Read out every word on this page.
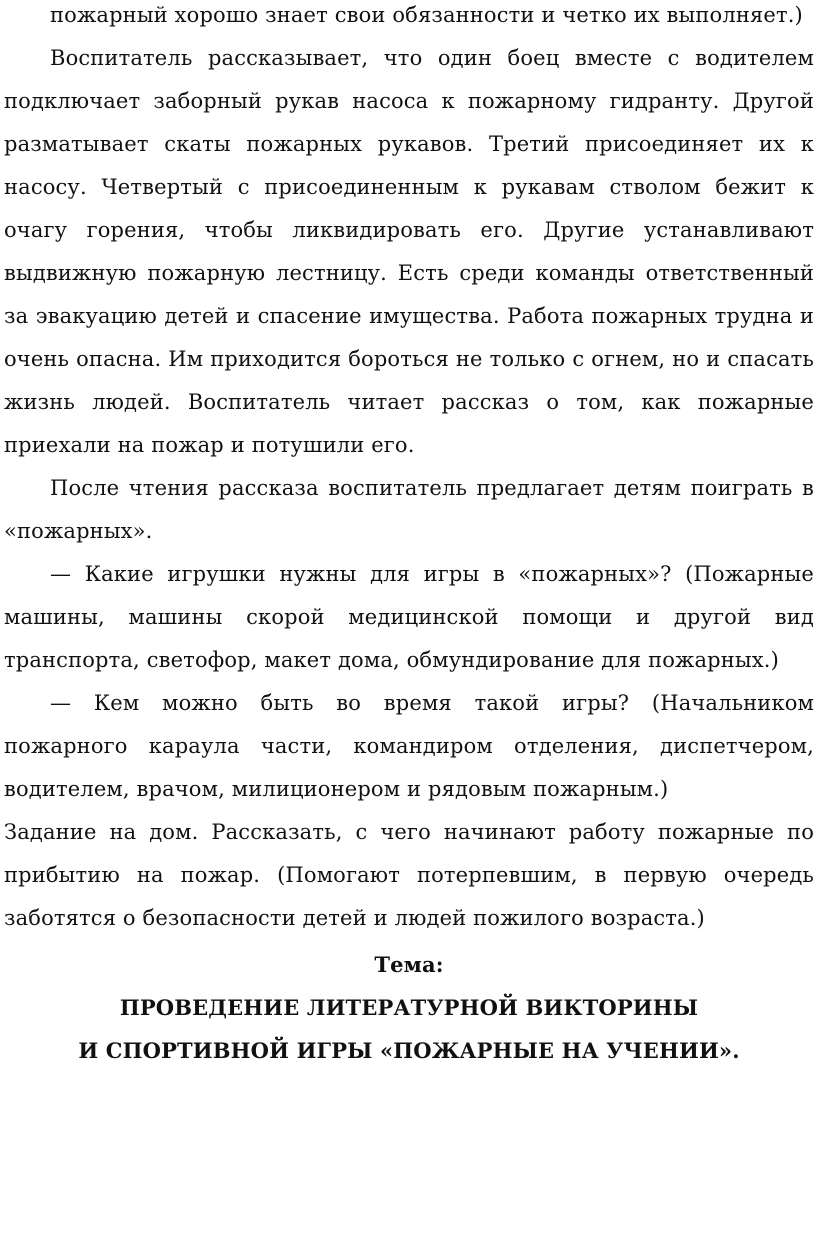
пожарный хорошо знает свои обязанности и четко их выполняет.)

Воспитатель рассказывает, что один боец вместе с водителем подключает заборный рукав насоса к пожарному гидранту. Другой разматывает скаты пожарных рукавов. Третий присоединяет их к насосу. Четвертый с присоединенным к рукавам стволом бежит к очагу горения, чтобы ликвидировать его. Другие устанавливают выдвижную пожарную лестницу. Есть среди команды ответственный за эвакуацию детей и спасение имущества. Работа пожарных трудна и очень опасна. Им приходится бороться не только с огнем, но и спасать жизнь людей. Воспитатель читает рассказ о том, как пожарные приехали на пожар и потушили его.

После чтения рассказа воспитатель предлагает детям поиграть в «пожарных».

— Какие игрушки нужны для игры в «пожарных»? (Пожарные машины, машины скорой медицинской помощи и другой вид транспорта, светофор, макет дома, обмундирование для пожарных.)

— Кем можно быть во время такой игры? (Начальником пожарного караула части, командиром отделения, диспетчером, водителем, врачом, милиционером и рядовым пожарным.)

Задание на дом. Рассказать, с чего начинают работу пожарные по прибытию на пожар. (Помогают потерпевшим, в первую очередь заботятся о безопасности детей и людей пожилого возраста.)

Тема:

ПРОВЕДЕНИЕ ЛИТЕРАТУРНОЙ ВИКТОРИНЫ

И СПОРТИВНОЙ ИГРЫ «ПОЖАРНЫЕ НА УЧЕНИИ».
